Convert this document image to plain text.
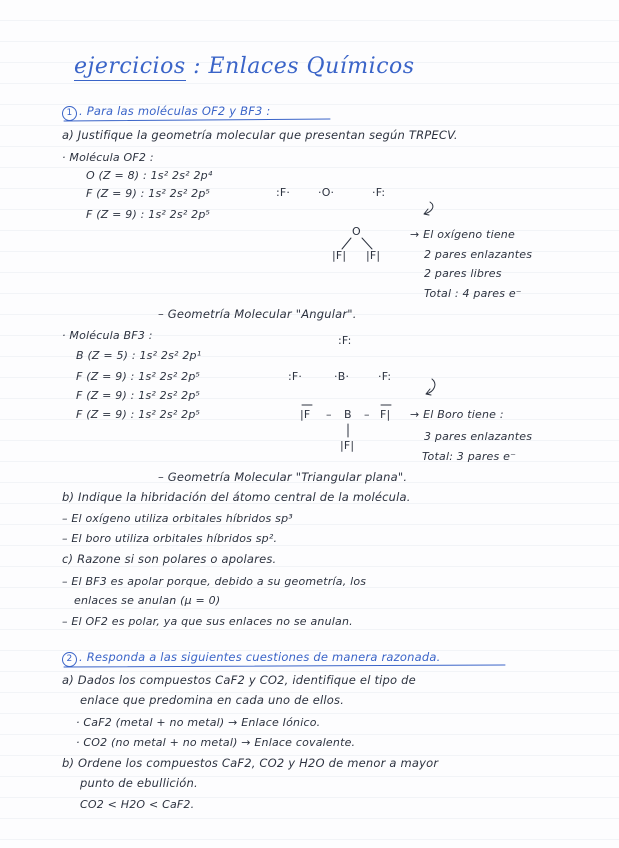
ejercicios : Enlaces Químicos
1 . Para las moléculas OF2 y BF3 :
a) Justifique la geometría molecular que presentan según TRPECV.
· Molécula OF2 :
O (Z = 8) : 1s² 2s² 2p⁴
F (Z = 9) : 1s² 2s² 2p⁵
F (Z = 9) : 1s² 2s² 2p⁵
:F·	·O·	·F:
O
|F| |F|
→ El oxígeno tiene
2 pares enlazantes
2 pares libres
Total : 4 pares e⁻
– Geometría Molecular "Angular".
· Molécula BF3 :
B (Z = 5) : 1s² 2s² 2p¹
F (Z = 9) : 1s² 2s² 2p⁵
F (Z = 9) : 1s² 2s² 2p⁵
F (Z = 9) : 1s² 2s² 2p⁵
:F:
:F·	·B·	·F:
|F – B – F|
|F|
→ El Boro tiene :
3 pares enlazantes
Total: 3 pares e⁻
– Geometría Molecular "Triangular plana".
b) Indique la hibridación del átomo central de la molécula.
– El oxígeno utiliza orbitales híbridos sp³
– El boro utiliza orbitales híbridos sp².
c) Razone si son polares o apolares.
– El BF3 es apolar porque, debido a su geometría, los
enlaces se anulan (μ = 0)
– El OF2 es polar, ya que sus enlaces no se anulan.
2 . Responda a las siguientes cuestiones de manera razonada.
a) Dados los compuestos CaF2 y CO2, identifique el tipo de
enlace que predomina en cada uno de ellos.
· CaF2 (metal + no metal) → Enlace Iónico.
· CO2 (no metal + no metal) → Enlace covalente.
b) Ordene los compuestos CaF2, CO2 y H2O de menor a mayor
punto de ebullición.
CO2 < H2O < CaF2.
